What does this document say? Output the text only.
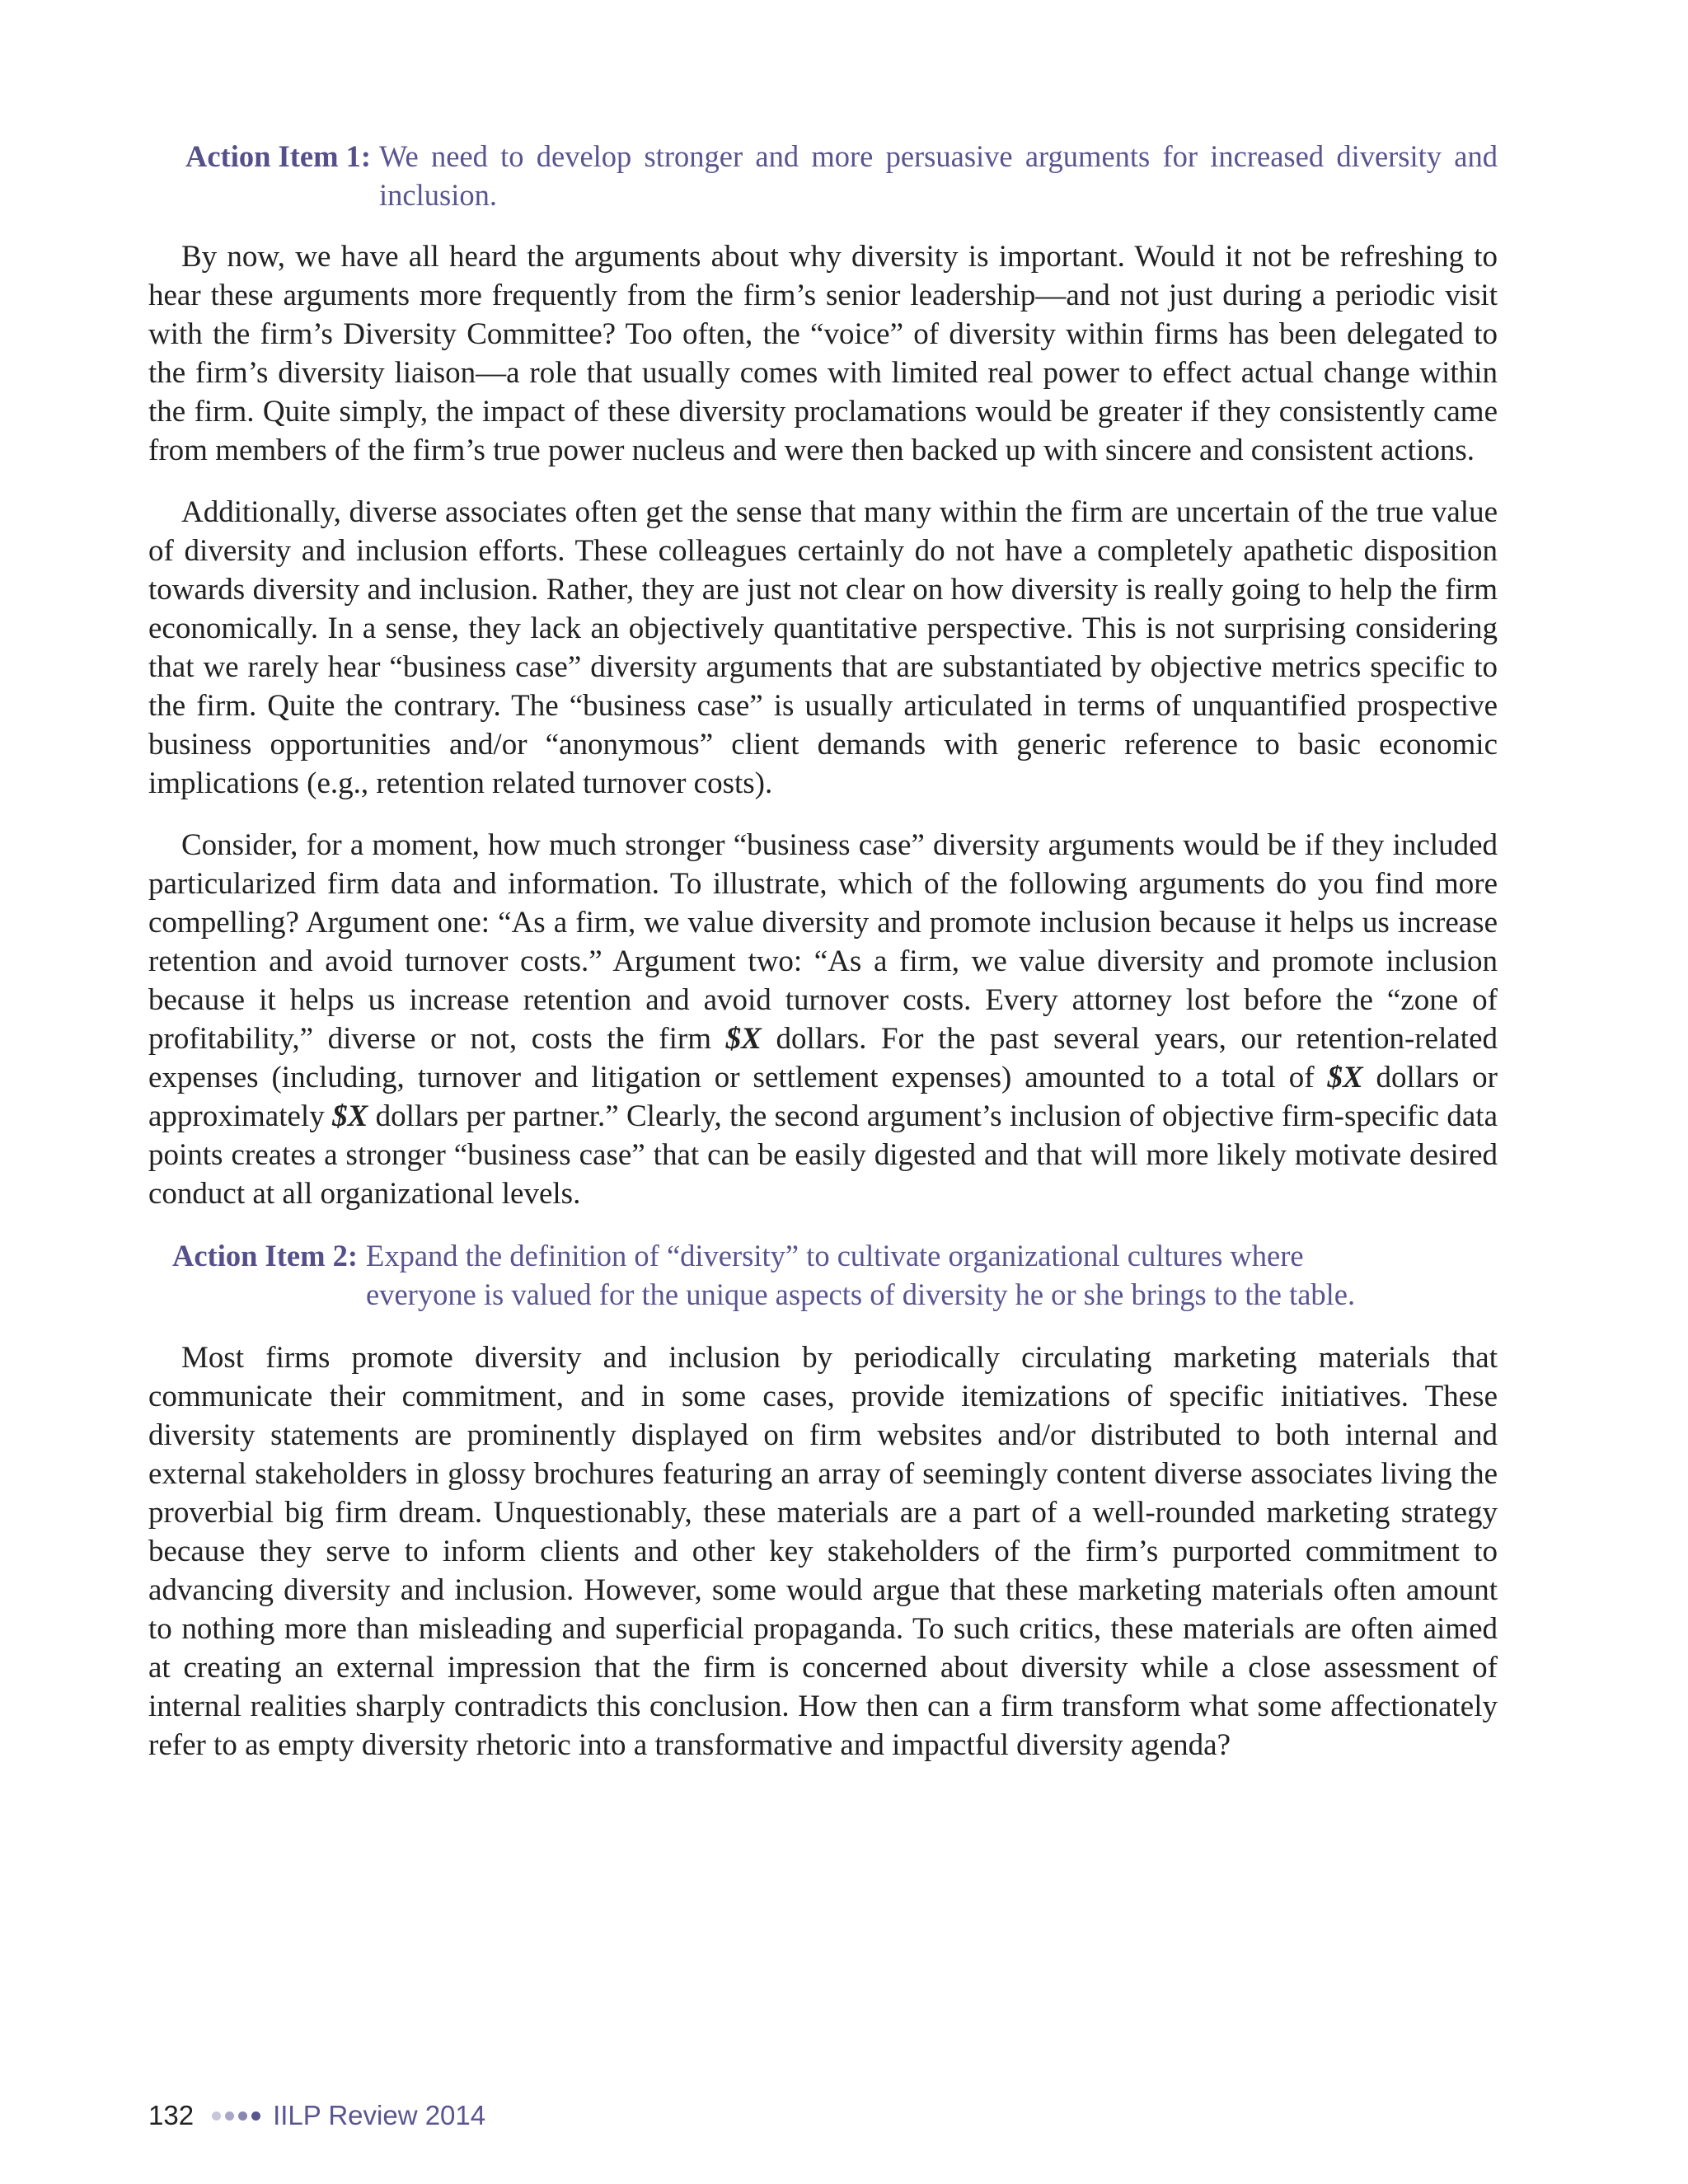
Action Item 1: We need to develop stronger and more persuasive arguments for increased diversity and inclusion.

By now, we have all heard the arguments about why diversity is important. Would it not be refreshing to hear these arguments more frequently from the firm’s senior leadership—and not just during a periodic visit with the firm’s Diversity Committee? Too often, the “voice” of diversity within firms has been delegated to the firm’s diversity liaison—a role that usually comes with limited real power to effect actual change within the firm. Quite simply, the impact of these diversity proclamations would be greater if they consistently came from members of the firm’s true power nucleus and were then backed up with sincere and consistent actions.

Additionally, diverse associates often get the sense that many within the firm are uncertain of the true value of diversity and inclusion efforts. These colleagues certainly do not have a completely apathetic disposition towards diversity and inclusion. Rather, they are just not clear on how diversity is really going to help the firm economically. In a sense, they lack an objectively quantitative perspective. This is not surprising considering that we rarely hear “business case” diversity arguments that are substantiated by objective metrics specific to the firm. Quite the contrary. The “business case” is usually articulated in terms of unquantified prospective business opportunities and/or “anonymous” client demands with generic reference to basic economic implications (e.g., retention related turnover costs).

Consider, for a moment, how much stronger “business case” diversity arguments would be if they included particularized firm data and information. To illustrate, which of the following arguments do you find more compelling? Argument one: “As a firm, we value diversity and promote inclusion because it helps us increase retention and avoid turnover costs.” Argument two: “As a firm, we value diversity and promote inclusion because it helps us increase retention and avoid turnover costs. Every attorney lost before the “zone of profitability,” diverse or not, costs the firm $X dollars. For the past several years, our retention-related expenses (including, turnover and litigation or settlement expenses) amounted to a total of $X dollars or approximately $X dollars per partner.” Clearly, the second argument’s inclusion of objective firm-specific data points creates a stronger “business case” that can be easily digested and that will more likely motivate desired conduct at all organizational levels.

Action Item 2: Expand the definition of “diversity” to cultivate organizational cultures where everyone is valued for the unique aspects of diversity he or she brings to the table.

Most firms promote diversity and inclusion by periodically circulating marketing materials that communicate their commitment, and in some cases, provide itemizations of specific initiatives. These diversity statements are prominently displayed on firm websites and/or distributed to both internal and external stakeholders in glossy brochures featuring an array of seemingly content diverse associates living the proverbial big firm dream. Unquestionably, these materials are a part of a well-rounded marketing strategy because they serve to inform clients and other key stakeholders of the firm’s purported commitment to advancing diversity and inclusion. However, some would argue that these marketing materials often amount to nothing more than misleading and superficial propaganda. To such critics, these materials are often aimed at creating an external impression that the firm is concerned about diversity while a close assessment of internal realities sharply contradicts this conclusion. How then can a firm transform what some affectionately refer to as empty diversity rhetoric into a transformative and impactful diversity agenda?

132	IILP Review 2014
